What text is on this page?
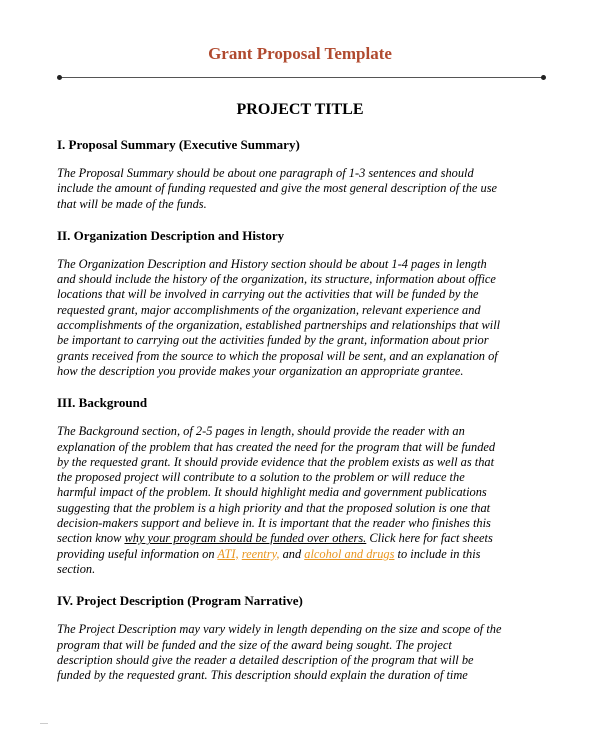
Grant Proposal Template
PROJECT TITLE

I. Proposal Summary (Executive Summary)

The Proposal Summary should be about one paragraph of 1-3 sentences and should
include the amount of funding requested and give the most general description of the use
that will be made of the funds.

II. Organization Description and History

The Organization Description and History section should be about 1-4 pages in length
and should include the history of the organization, its structure, information about office
locations that will be involved in carrying out the activities that will be funded by the
requested grant, major accomplishments of the organization, relevant experience and
accomplishments of the organization, established partnerships and relationships that will
be important to carrying out the activities funded by the grant, information about prior
grants received from the source to which the proposal will be sent, and an explanation of
how the description you provide makes your organization an appropriate grantee.

III. Background

The Background section, of 2-5 pages in length, should provide the reader with an
explanation of the problem that has created the need for the program that will be funded
by the requested grant. It should provide evidence that the problem exists as well as that
the proposed project will contribute to a solution to the problem or will reduce the
harmful impact of the problem. It should highlight media and government publications
suggesting that the problem is a high priority and that the proposed solution is one that
decision-makers support and believe in. It is important that the reader who finishes this
section know why your program should be funded over others. Click here for fact sheets
providing useful information on ATI, reentry, and alcohol and drugs to include in this
section.

IV. Project Description (Program Narrative)

The Project Description may vary widely in length depending on the size and scope of the
program that will be funded and the size of the award being sought. The project
description should give the reader a detailed description of the program that will be
funded by the requested grant. This description should explain the duration of time
